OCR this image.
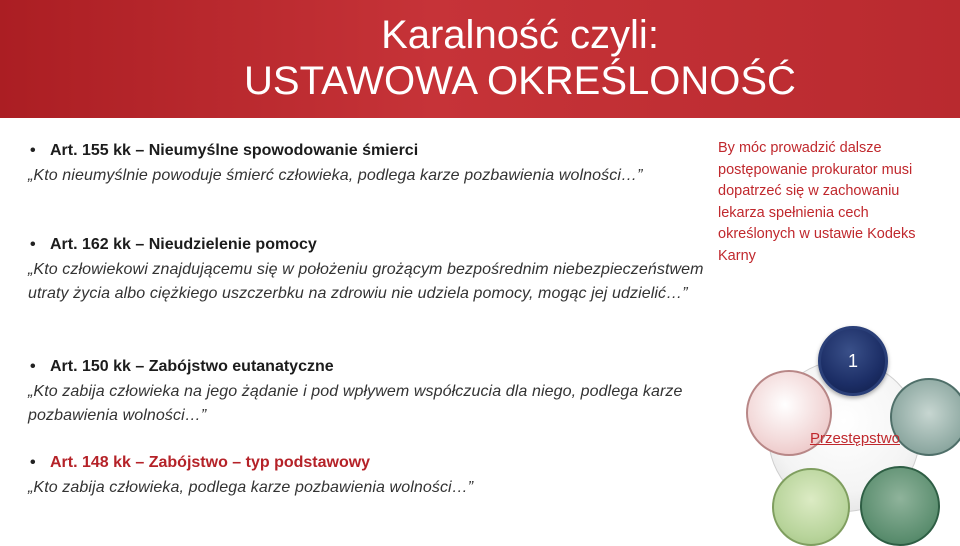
Karalność czyli:
USTAWOWA OKREŚLONOŚĆ

• Art. 155 kk – Nieumyślne spowodowanie śmierci

„Kto nieumyślnie powoduje śmierć człowieka, podlega karze pozbawienia wolności…”

• Art. 162 kk – Nieudzielenie pomocy

„Kto człowiekowi znajdującemu się w położeniu grożącym bezpośrednim niebezpieczeństwem utraty życia albo ciężkiego uszczerbku na zdrowiu nie udziela pomocy, mogąc jej udzielić…”

• Art. 150 kk – Zabójstwo eutanatyczne

„Kto zabija człowieka na jego żądanie i pod wpływem współczucia dla niego, podlega karze pozbawienia wolności…”

• Art. 148 kk – Zabójstwo – typ podstawowy

„Kto zabija człowieka, podlega karze pozbawienia wolności…”

By móc prowadzić dalsze postępowanie prokurator musi dopatrzeć się w zachowaniu lekarza spełnienia cech określonych w ustawie Kodeks Karny

1

Przestępstwo
